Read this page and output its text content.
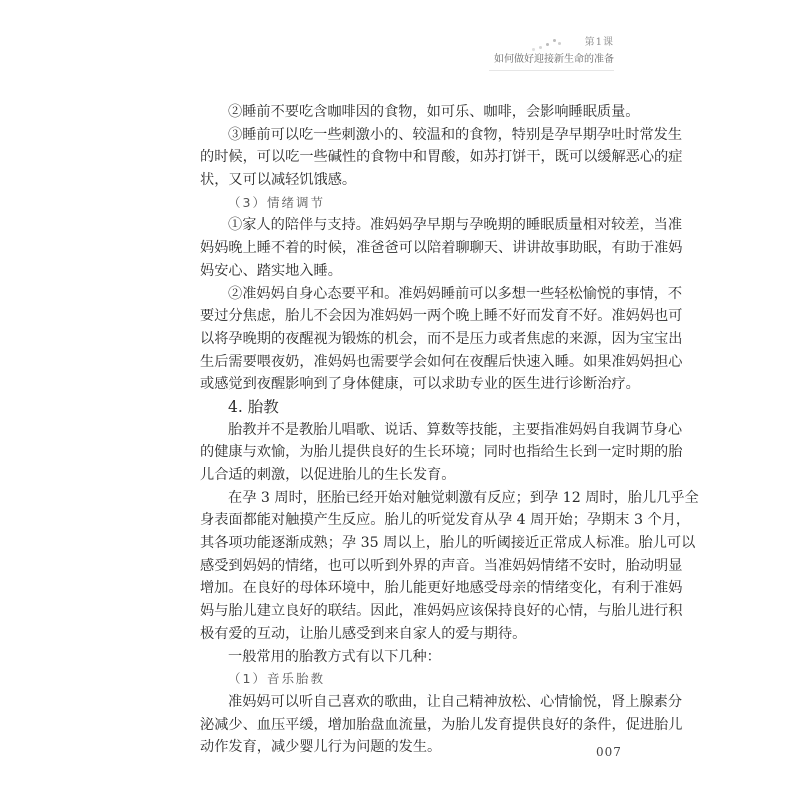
第1课
如何做好迎接新生命的准备
②睡前不要吃含咖啡因的食物，如可乐、咖啡，会影响睡眠质量。
③睡前可以吃一些刺激小的、较温和的食物，特别是孕早期孕吐时常发生
的时候，可以吃一些碱性的食物中和胃酸，如苏打饼干，既可以缓解恶心的症
状，又可以减轻饥饿感。
（3）情绪调节
①家人的陪伴与支持。准妈妈孕早期与孕晚期的睡眠质量相对较差，当准
妈妈晚上睡不着的时候，准爸爸可以陪着聊聊天、讲讲故事助眠，有助于准妈
妈安心、踏实地入睡。
②准妈妈自身心态要平和。准妈妈睡前可以多想一些轻松愉悦的事情，不
要过分焦虑，胎儿不会因为准妈妈一两个晚上睡不好而发育不好。准妈妈也可
以将孕晚期的夜醒视为锻炼的机会，而不是压力或者焦虑的来源，因为宝宝出
生后需要喂夜奶，准妈妈也需要学会如何在夜醒后快速入睡。如果准妈妈担心
或感觉到夜醒影响到了身体健康，可以求助专业的医生进行诊断治疗。
4. 胎教
胎教并不是教胎儿唱歌、说话、算数等技能，主要指准妈妈自我调节身心
的健康与欢愉，为胎儿提供良好的生长环境；同时也指给生长到一定时期的胎
儿合适的刺激，以促进胎儿的生长发育。
在孕 3 周时，胚胎已经开始对触觉刺激有反应；到孕 12 周时，胎儿几乎全
身表面都能对触摸产生反应。胎儿的听觉发育从孕 4 周开始；孕期末 3 个月，
其各项功能逐渐成熟；孕 35 周以上，胎儿的听阈接近正常成人标准。胎儿可以
感受到妈妈的情绪，也可以听到外界的声音。当准妈妈情绪不安时，胎动明显
增加。在良好的母体环境中，胎儿能更好地感受母亲的情绪变化，有利于准妈
妈与胎儿建立良好的联结。因此，准妈妈应该保持良好的心情，与胎儿进行积
极有爱的互动，让胎儿感受到来自家人的爱与期待。
一般常用的胎教方式有以下几种：
（1）音乐胎教
准妈妈可以听自己喜欢的歌曲，让自己精神放松、心情愉悦，肾上腺素分
泌减少、血压平缓，增加胎盘血流量，为胎儿发育提供良好的条件，促进胎儿
动作发育，减少婴儿行为问题的发生。	007
